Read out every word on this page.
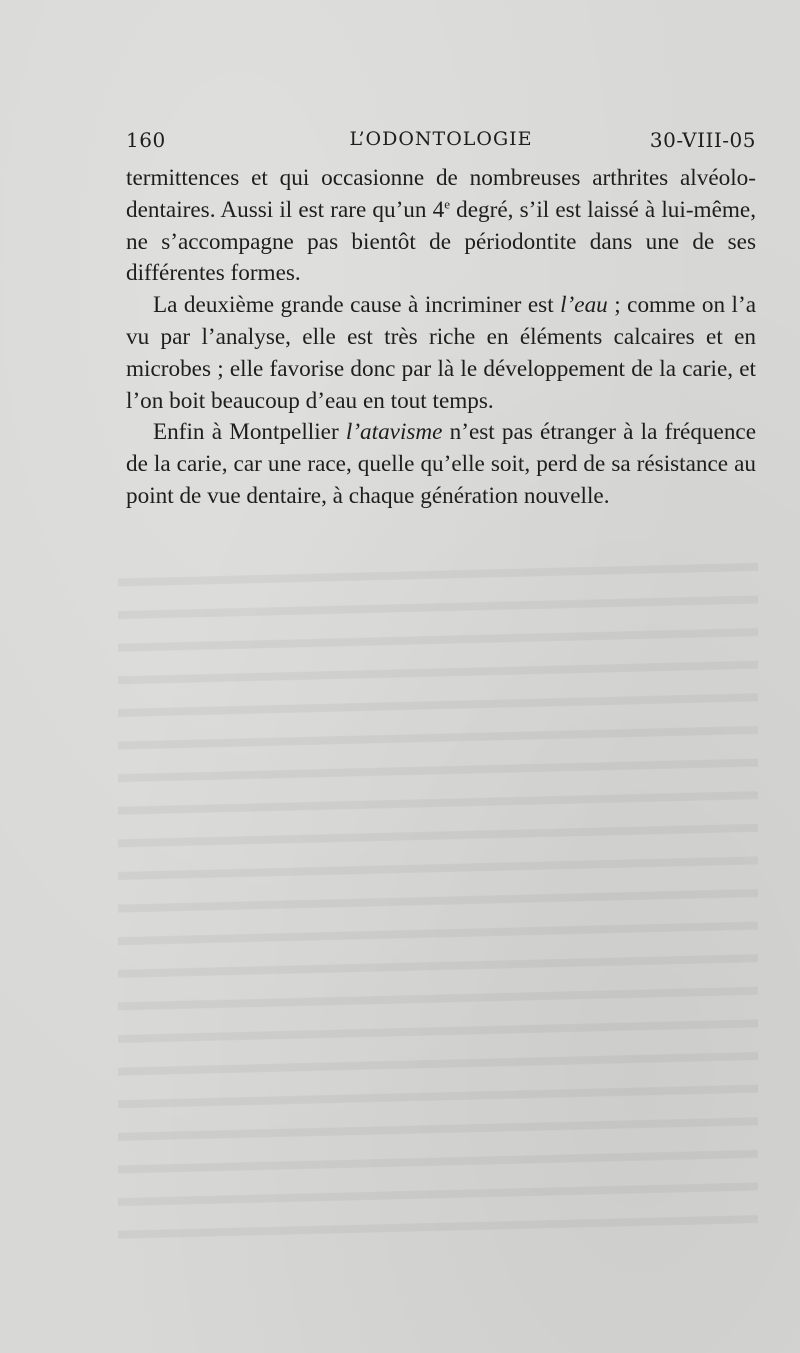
160	L’ODONTOLOGIE	30-VIII-05

termittences et qui occasionne de nombreuses arthrites alvéolo-dentaires. Aussi il est rare qu’un 4e degré, s’il est laissé à lui-même, ne s’accompagne pas bientôt de périodontite dans une de ses différentes formes.

La deuxième grande cause à incriminer est l’eau ; comme on l’a vu par l’analyse, elle est très riche en éléments calcaires et en microbes ; elle favorise donc par là le développement de la carie, et l’on boit beaucoup d’eau en tout temps.

Enfin à Montpellier l’atavisme n’est pas étranger à la fréquence de la carie, car une race, quelle qu’elle soit, perd de sa résistance au point de vue dentaire, à chaque génération nouvelle.
